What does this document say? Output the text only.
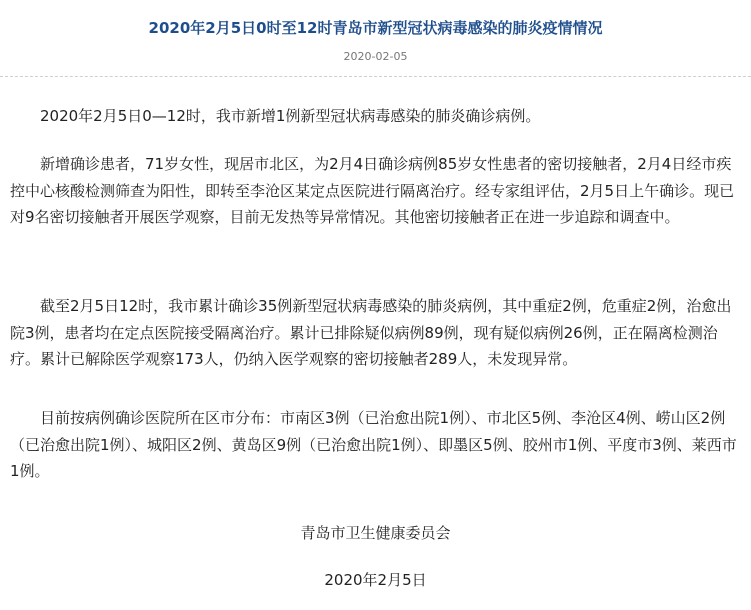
2020年2月5日0时至12时青岛市新型冠状病毒感染的肺炎疫情情况
2020-02-05

2020年2月5日0—12时，我市新增1例新型冠状病毒感染的肺炎确诊病例。

新增确诊患者，71岁女性，现居市北区，为2月4日确诊病例85岁女性患者的密切接触者，2月4日经市疾控中心核酸检测筛查为阳性，即转至李沧区某定点医院进行隔离治疗。经专家组评估，2月5日上午确诊。现已对9名密切接触者开展医学观察，目前无发热等异常情况。其他密切接触者正在进一步追踪和调查中。

截至2月5日12时，我市累计确诊35例新型冠状病毒感染的肺炎病例，其中重症2例，危重症2例，治愈出院3例，患者均在定点医院接受隔离治疗。累计已排除疑似病例89例，现有疑似病例26例，正在隔离检测治疗。累计已解除医学观察173人，仍纳入医学观察的密切接触者289人，未发现异常。

目前按病例确诊医院所在区市分布：市南区3例（已治愈出院1例）、市北区5例、李沧区4例、崂山区2例（已治愈出院1例）、城阳区2例、黄岛区9例（已治愈出院1例）、即墨区5例、胶州市1例、平度市3例、莱西市1例。

青岛市卫生健康委员会
2020年2月5日
